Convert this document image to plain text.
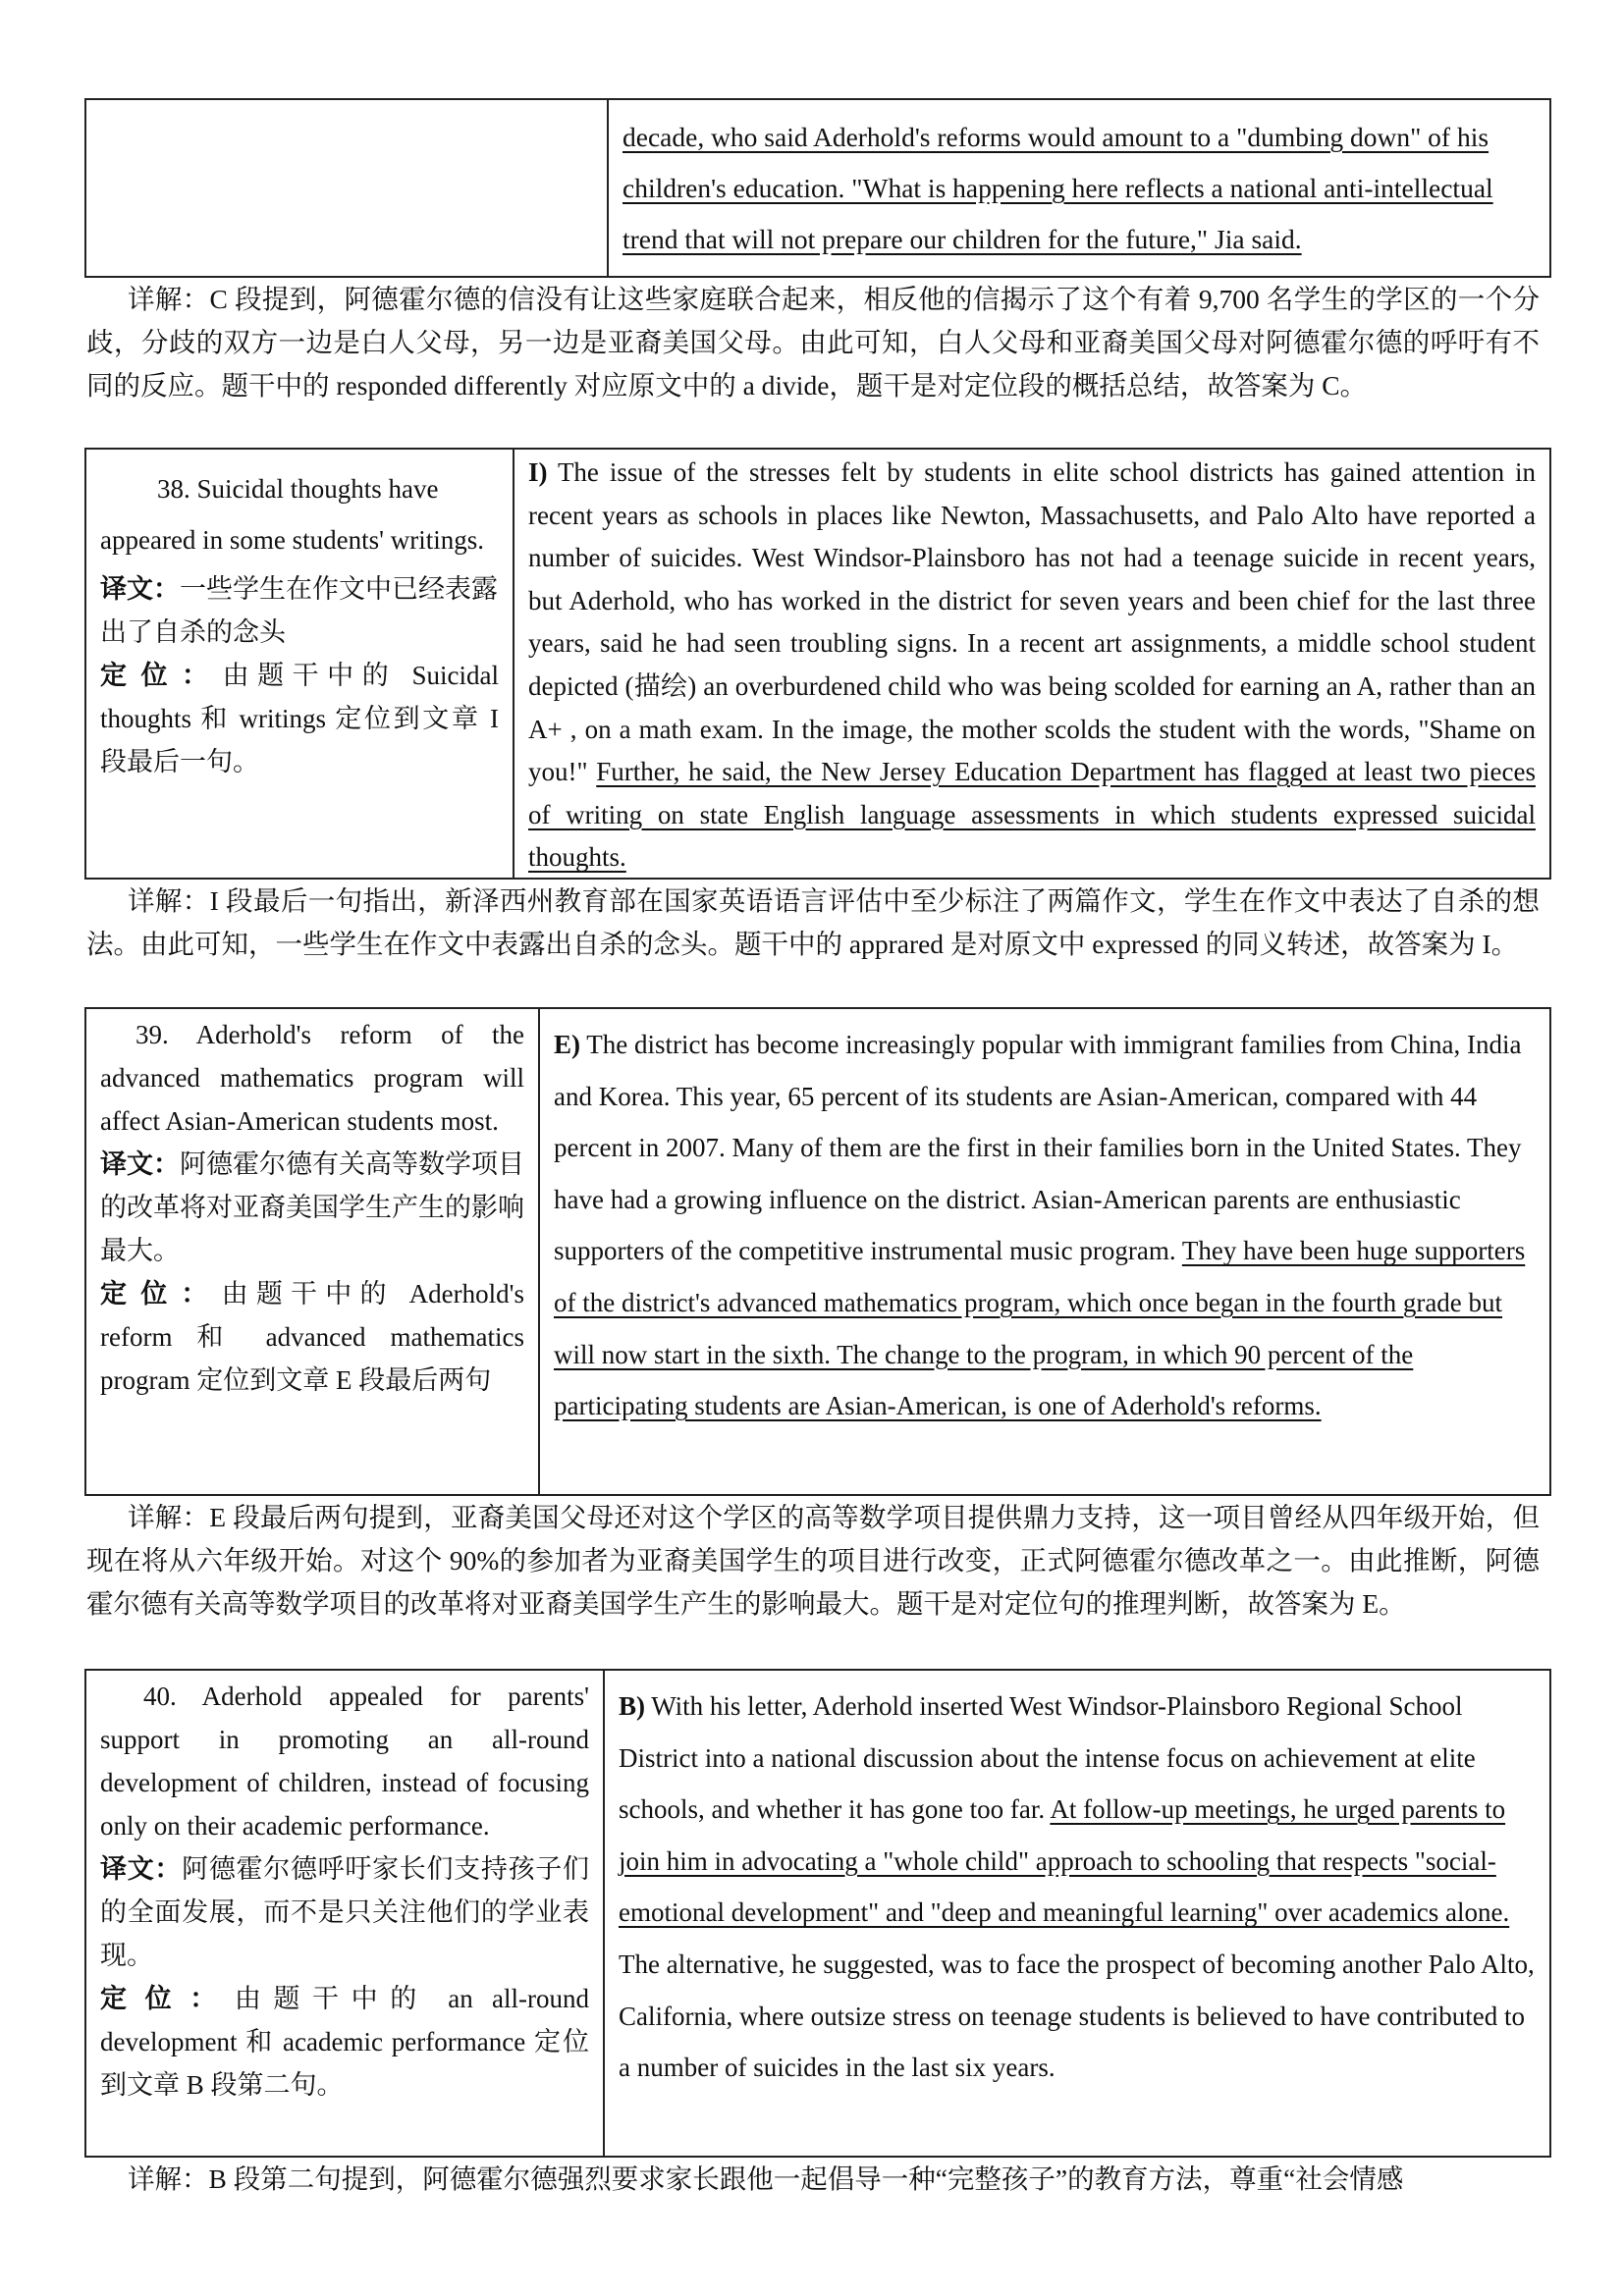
decade, who said Aderhold's reforms would amount to a "dumbing down" of his children's education. "What is happening here reflects a national anti-intellectual trend that will not prepare our children for the future," Jia said.
详解：C 段提到，阿德霍尔德的信没有让这些家庭联合起来，相反他的信揭示了这个有着 9,700 名学生的学区的一个分歧，分歧的双方一边是白人父母，另一边是亚裔美国父母。由此可知，白人父母和亚裔美国父母对阿德霍尔德的呼吁有不同的反应。题干中的 responded differently 对应原文中的 a divide，题干是对定位段的概括总结，故答案为 C。
38. Suicidal thoughts have appeared in some students' writings.
译文：一些学生在作文中已经表露出了自杀的念头
定位：由题干中的 Suicidal thoughts 和 writings 定位到文章 I 段最后一句。
I) The issue of the stresses felt by students in elite school districts has gained attention in recent years as schools in places like Newton, Massachusetts, and Palo Alto have reported a number of suicides. West Windsor-Plainsboro has not had a teenage suicide in recent years, but Aderhold, who has worked in the district for seven years and been chief for the last three years, said he had seen troubling signs. In a recent art assignments, a middle school student depicted (描绘) an overburdened child who was being scolded for earning an A, rather than an A+ , on a math exam. In the image, the mother scolds the student with the words, "Shame on you!" Further, he said, the New Jersey Education Department has flagged at least two pieces of writing on state English language assessments in which students expressed suicidal thoughts.
详解：I 段最后一句指出，新泽西州教育部在国家英语语言评估中至少标注了两篇作文，学生在作文中表达了自杀的想法。由此可知，一些学生在作文中表露出自杀的念头。题干中的 apprared 是对原文中 expressed 的同义转述，故答案为 I。
39. Aderhold's reform of the advanced mathematics program will affect Asian-American students most.
译文：阿德霍尔德有关高等数学项目的改革将对亚裔美国学生产生的影响最大。
定位：由题干中的 Aderhold's reform 和 advanced mathematics program 定位到文章 E 段最后两句
E) The district has become increasingly popular with immigrant families from China, India and Korea. This year, 65 percent of its students are Asian-American, compared with 44 percent in 2007. Many of them are the first in their families born in the United States. They have had a growing influence on the district. Asian-American parents are enthusiastic supporters of the competitive instrumental music program. They have been huge supporters of the district's advanced mathematics program, which once began in the fourth grade but will now start in the sixth. The change to the program, in which 90 percent of the participating students are Asian-American, is one of Aderhold's reforms.
详解：E 段最后两句提到，亚裔美国父母还对这个学区的高等数学项目提供鼎力支持，这一项目曾经从四年级开始，但现在将从六年级开始。对这个 90%的参加者为亚裔美国学生的项目进行改变，正式阿德霍尔德改革之一。由此推断，阿德霍尔德有关高等数学项目的改革将对亚裔美国学生产生的影响最大。题干是对定位句的推理判断，故答案为 E。
40. Aderhold appealed for parents' support in promoting an all-round development of children, instead of focusing only on their academic performance.
译文：阿德霍尔德呼吁家长们支持孩子们的全面发展，而不是只关注他们的学业表现。
定位：由题干中的 an all-round development 和 academic performance 定位到文章 B 段第二句。
B) With his letter, Aderhold inserted West Windsor-Plainsboro Regional School District into a national discussion about the intense focus on achievement at elite schools, and whether it has gone too far. At follow-up meetings, he urged parents to join him in advocating a "whole child" approach to schooling that respects "social-emotional development" and "deep and meaningful learning" over academics alone. The alternative, he suggested, was to face the prospect of becoming another Palo Alto, California, where outsize stress on teenage students is believed to have contributed to a number of suicides in the last six years.
详解：B 段第二句提到，阿德霍尔德强烈要求家长跟他一起倡导一种“完整孩子”的教育方法，尊重“社会情感
